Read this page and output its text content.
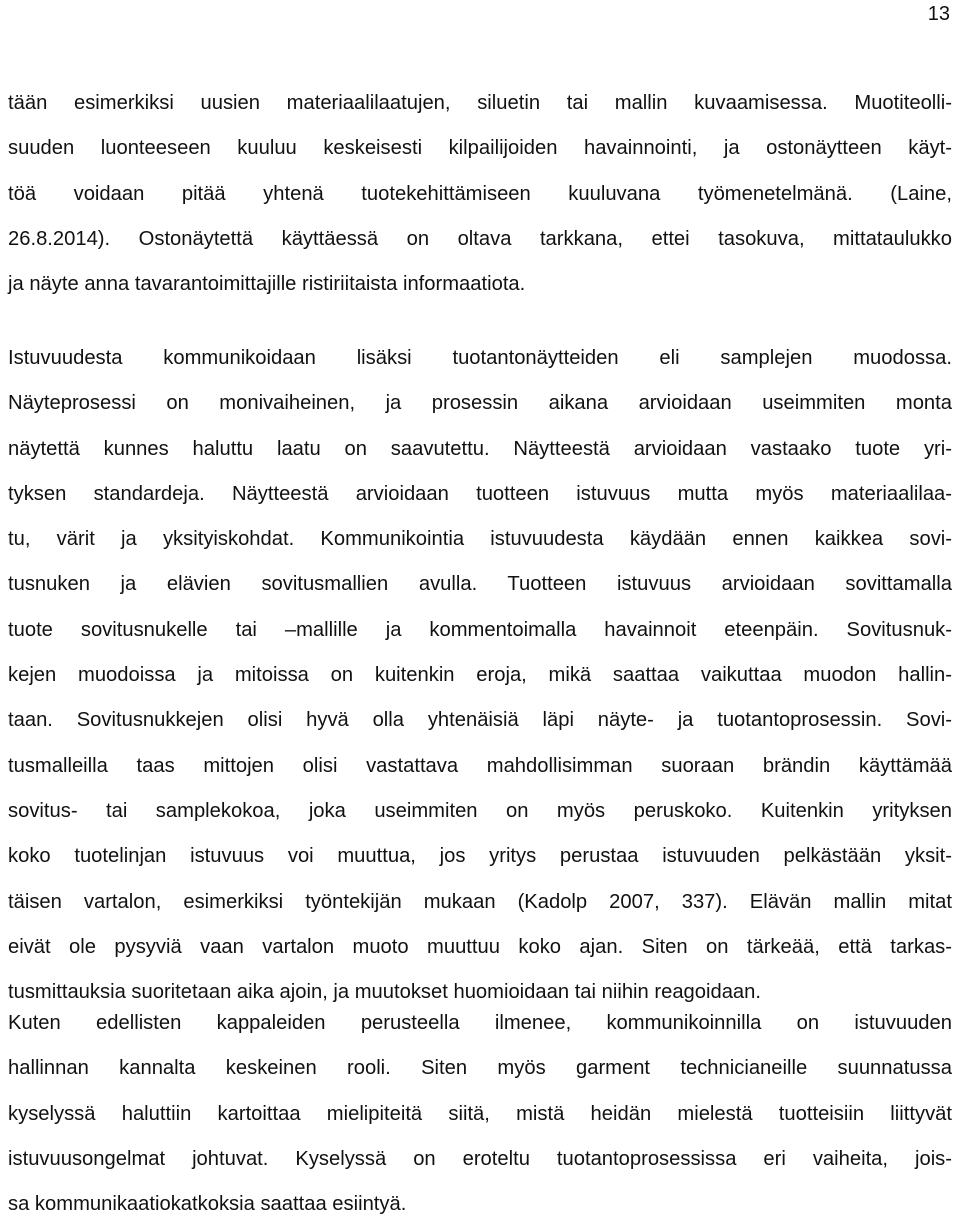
13

tään esimerkiksi uusien materiaalilaatujen, siluetin tai mallin kuvaamisessa. Muotiteolli-
suuden luonteeseen kuuluu keskeisesti kilpailijoiden havainnointi, ja ostonäytteen käyt-
töä voidaan pitää yhtenä tuotekehittämiseen kuuluvana työmenetelmänä. (Laine,
26.8.2014). Ostonäytettä käyttäessä on oltava tarkkana, ettei tasokuva, mittataulukko
ja näyte anna tavarantoimittajille ristiriitaista informaatiota.

Istuvuudesta kommunikoidaan lisäksi tuotantonäytteiden eli samplejen muodossa.
Näyteprosessi on monivaiheinen, ja prosessin aikana arvioidaan useimmiten monta
näytettä kunnes haluttu laatu on saavutettu. Näytteestä arvioidaan vastaako tuote yri-
tyksen standardeja. Näytteestä arvioidaan tuotteen istuvuus mutta myös materiaalilaa-
tu, värit ja yksityiskohdat. Kommunikointia istuvuudesta käydään ennen kaikkea sovi-
tusnuken ja elävien sovitusmallien avulla. Tuotteen istuvuus arvioidaan sovittamalla
tuote sovitusnukelle tai –mallille ja kommentoimalla havainnoit eteenpäin. Sovitusnuk-
kejen muodoissa ja mitoissa on kuitenkin eroja, mikä saattaa vaikuttaa muodon hallin-
taan. Sovitusnukkejen olisi hyvä olla yhtenäisiä läpi näyte- ja tuotantoprosessin. Sovi-
tusmalleilla taas mittojen olisi vastattava mahdollisimman suoraan brändin käyttämää
sovitus- tai samplekokoa, joka useimmiten on myös peruskoko. Kuitenkin yrityksen
koko tuotelinjan istuvuus voi muuttua, jos yritys perustaa istuvuuden pelkästään yksit-
täisen vartalon, esimerkiksi työntekijän mukaan (Kadolp 2007, 337). Elävän mallin mitat
eivät ole pysyviä vaan vartalon muoto muuttuu koko ajan. Siten on tärkeää, että tarkas-
tusmittauksia suoritetaan aika ajoin, ja muutokset huomioidaan tai niihin reagoidaan.

Kuten edellisten kappaleiden perusteella ilmenee, kommunikoinnilla on istuvuuden
hallinnan kannalta keskeinen rooli. Siten myös garment technicianeille suunnatussa
kyselyssä haluttiin kartoittaa mielipiteitä siitä, mistä heidän mielestä tuotteisiin liittyvät
istuvuusongelmat johtuvat. Kyselyssä on eroteltu tuotantoprosessissa eri vaiheita, jois-
sa kommunikaatiokatkoksia saattaa esiintyä.
